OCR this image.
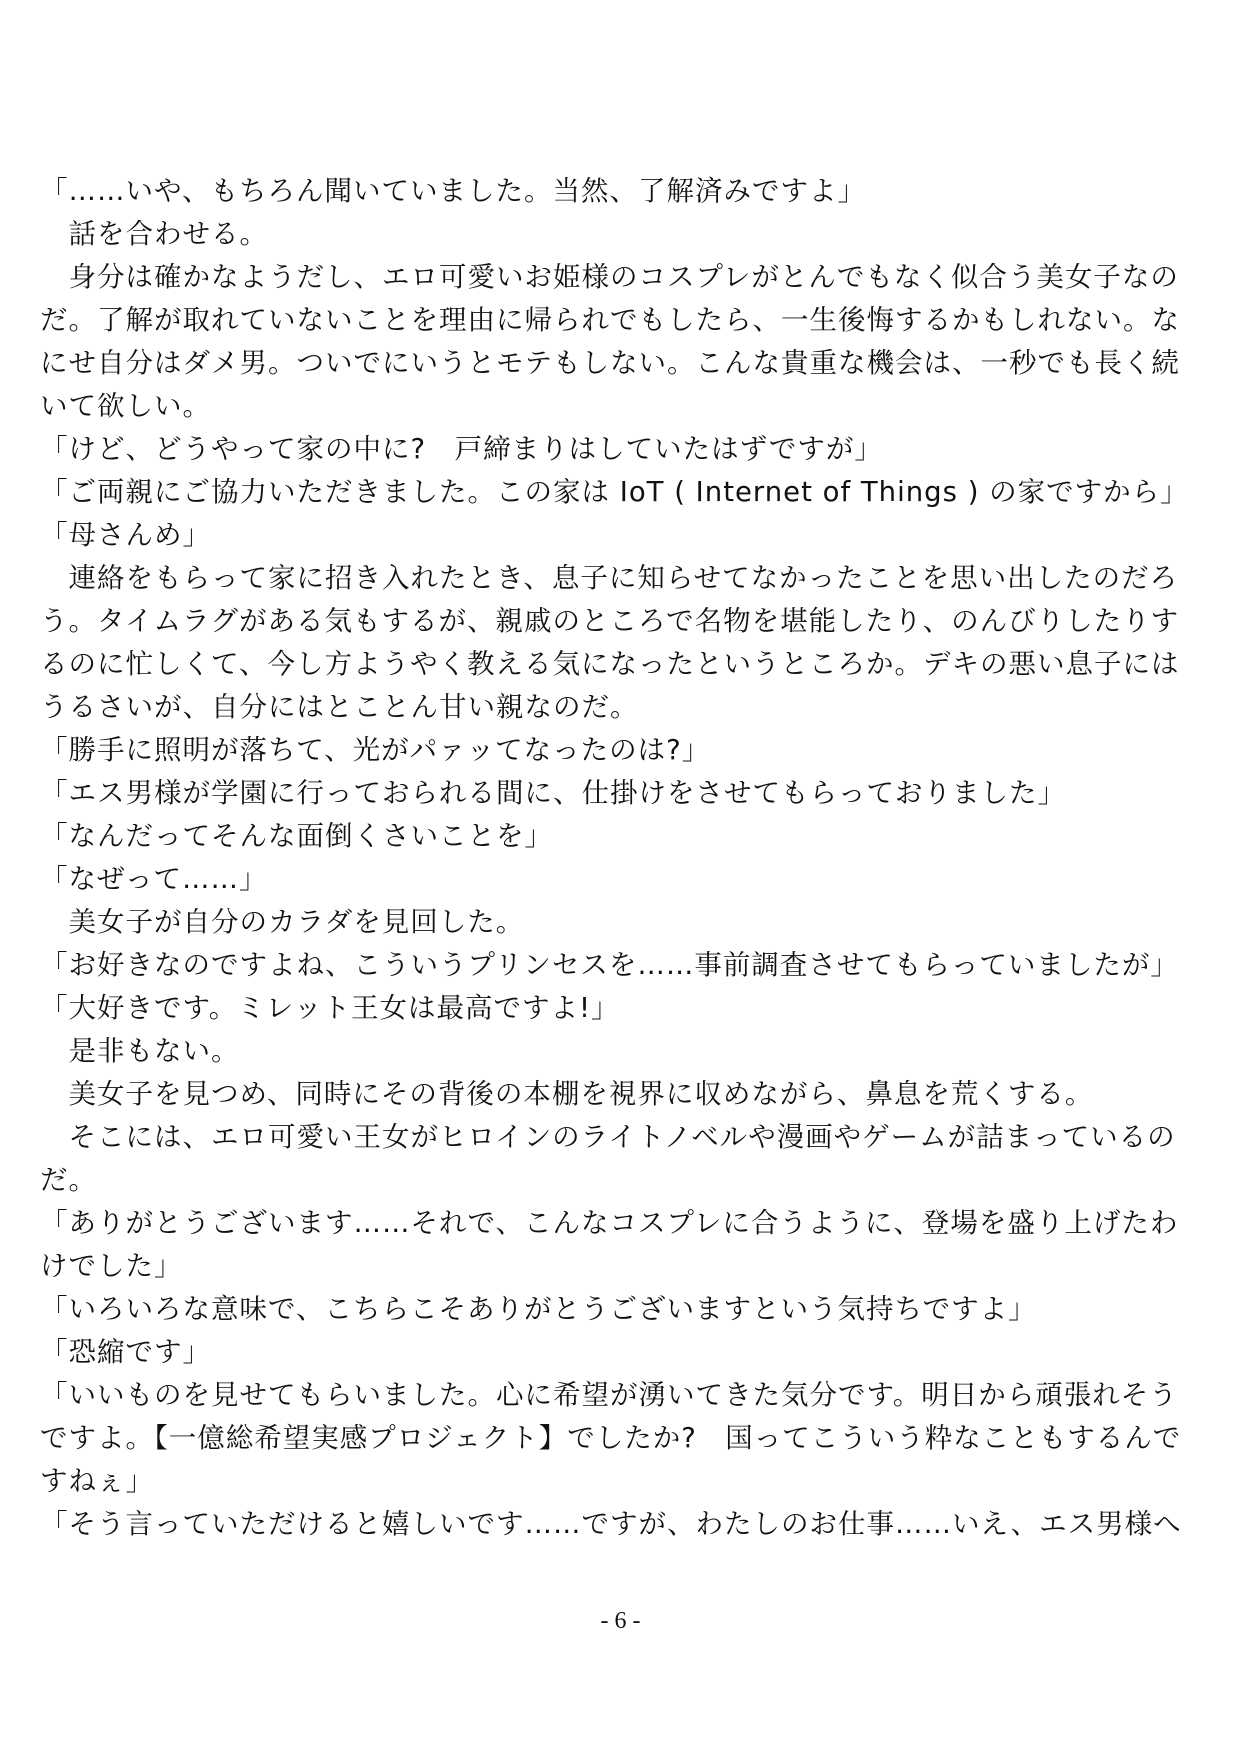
「……いや、もちろん聞いていました。当然、了解済みですよ」
　話を合わせる。
　身分は確かなようだし、エロ可愛いお姫様のコスプレがとんでもなく似合う美女子なの
だ。了解が取れていないことを理由に帰られでもしたら、一生後悔するかもしれない。な
にせ自分はダメ男。ついでにいうとモテもしない。こんな貴重な機会は、一秒でも長く続
いて欲しい。
「けど、どうやって家の中に?　戸締まりはしていたはずですが」
「ご両親にご協力いただきました。この家は IoT ( Internet of Things ) の家ですから」
「母さんめ」
　連絡をもらって家に招き入れたとき、息子に知らせてなかったことを思い出したのだろ
う。タイムラグがある気もするが、親戚のところで名物を堪能したり、のんびりしたりす
るのに忙しくて、今し方ようやく教える気になったというところか。デキの悪い息子には
うるさいが、自分にはとことん甘い親なのだ。
「勝手に照明が落ちて、光がパァッてなったのは?」
「エス男様が学園に行っておられる間に、仕掛けをさせてもらっておりました」
「なんだってそんな面倒くさいことを」
「なぜって……」
　美女子が自分のカラダを見回した。
「お好きなのですよね、こういうプリンセスを……事前調査させてもらっていましたが」
「大好きです。ミレット王女は最高ですよ!」
　是非もない。
　美女子を見つめ、同時にその背後の本棚を視界に収めながら、鼻息を荒くする。
　そこには、エロ可愛い王女がヒロインのライトノベルや漫画やゲームが詰まっているの
だ。
「ありがとうございます……それで、こんなコスプレに合うように、登場を盛り上げたわ
けでした」
「いろいろな意味で、こちらこそありがとうございますという気持ちですよ」
「恐縮です」
「いいものを見せてもらいました。心に希望が湧いてきた気分です。明日から頑張れそう
ですよ。【一億総希望実感プロジェクト】でしたか?　国ってこういう粋なこともするんで
すねぇ」
「そう言っていただけると嬉しいです……ですが、わたしのお仕事……いえ、エス男様へ
- 6 -
